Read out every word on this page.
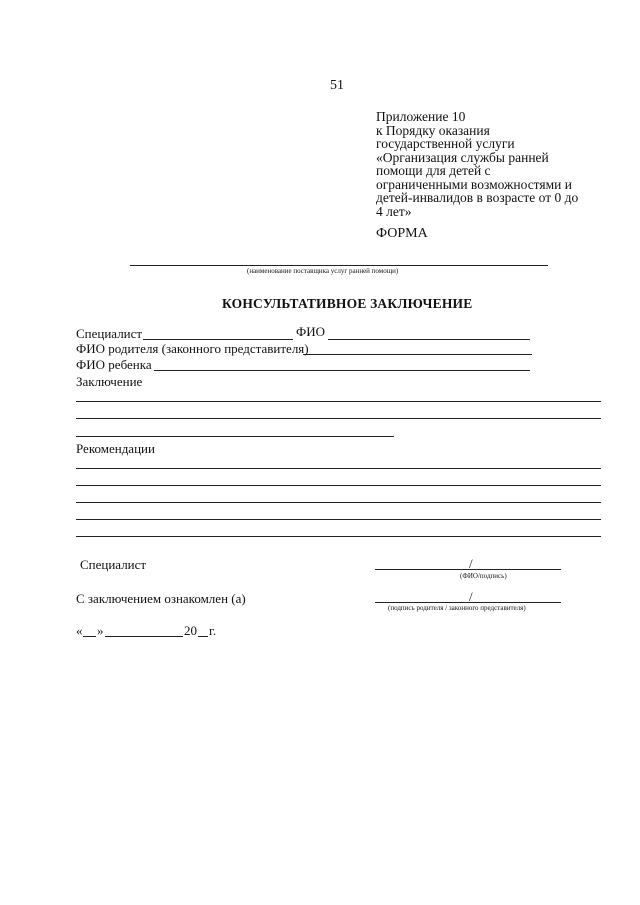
51
Приложение 10
к Порядку оказания
государственной услуги
«Организация службы ранней
помощи для детей с
ограниченными возможностями и
детей-инвалидов в возрасте от 0 до
4 лет»
ФОРМА
(наименование поставщика услуг ранней помощи)
КОНСУЛЬТАТИВНОЕ ЗАКЛЮЧЕНИЕ
Специалист	ФИО
ФИО родителя (законного представителя)
ФИО ребенка
Заключение
Рекомендации
Специалист	/
(ФИО/подпись)
С заключением ознакомлен (а)	/
(подпись родителя / законного представителя)
« »	20 г.
